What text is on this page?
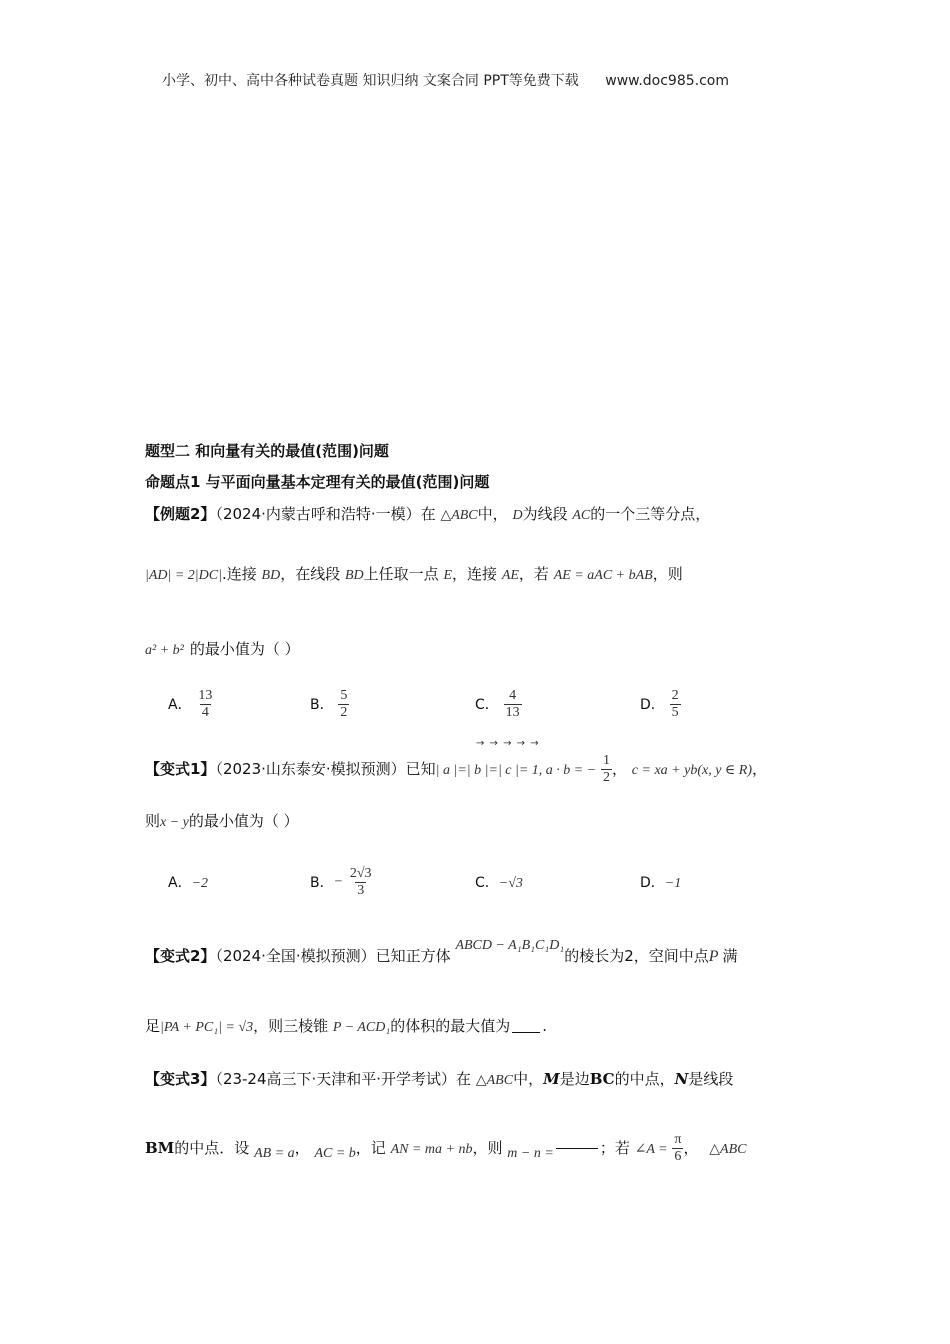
小学、初中、高中各种试卷真题 知识归纳 文案合同 PPT等免费下载 www.doc985.com
题型二 和向量有关的最值(范围)问题
命题点1 与平面向量基本定理有关的最值(范围)问题
【例题2】（2024·内蒙古呼和浩特·一模）在 △ABC中， D为线段 AC的一个三等分点，
|AD| = 2|DC|.连接 BD，在线段 BD上任取一点 E，连接 AE，若 AE = aAC + bAB，则
a² + b² 的最小值为（ ）
A． $\frac{13}{4}$	B． $\frac{5}{2}$	C． $\frac{4}{13}$	D． $\frac{2}{5}$
→ → → → →
【变式1】（2023·山东泰安·模拟预测）已知| a |=| b |=| c |= 1, a · b = − $\frac{1}{2}$ ， c = xa + yb(x, y ∈ R)，
则x − y的最小值为（ ）
A．−2	B．− $\frac{2√3}{3}$	C．−√3	D．−1
【变式2】（2024·全国·模拟预测）已知正方体 ABCD − A₁B₁C₁D₁的棱长为2，空间中点P 满
足|PA + PC₁| = √3，则三棱锥 P − ACD₁的体积的最大值为 .
【变式3】（23-24高三下·天津和平·开学考试）在 △ABC中，M是边BC的中点，N是线段
BM的中点．设 AB = a， AC = b，记 AN = ma + nb，则 m − n =	；若 ∠A = $\frac{\pi}{6}$ ， △ABC
